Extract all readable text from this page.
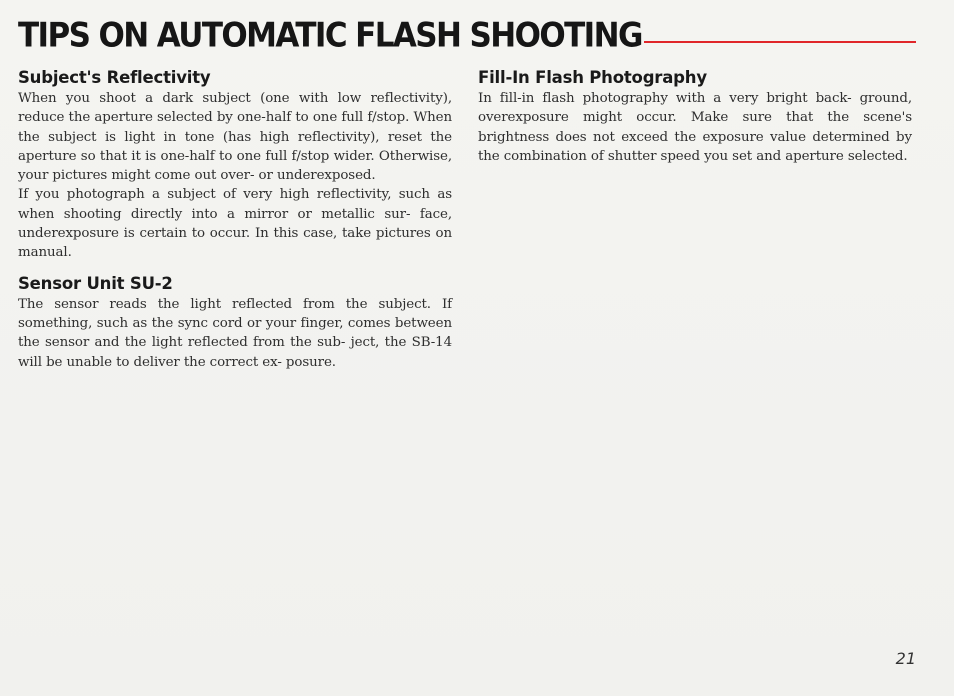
TIPS ON AUTOMATIC FLASH SHOOTING
Subject's Reflectivity

When you shoot a dark subject (one with low reflectivity), reduce the aperture selected by one-half to one full f/stop. When the subject is light in tone (has high reflectivity), reset the aperture so that it is one-half to one full f/stop wider. Otherwise, your pictures might come out over- or underexposed.

If you photograph a subject of very high reflectivity, such as when shooting directly into a mirror or metallic sur- face, underexposure is certain to occur. In this case, take pictures on manual.

Sensor Unit SU-2

The sensor reads the light reflected from the subject. If something, such as the sync cord or your finger, comes between the sensor and the light reflected from the sub- ject, the SB-14 will be unable to deliver the correct ex- posure.

Fill-In Flash Photography

In fill-in flash photography with a very bright back- ground, overexposure might occur. Make sure that the scene's brightness does not exceed the exposure value determined by the combination of shutter speed you set and aperture selected.

21
